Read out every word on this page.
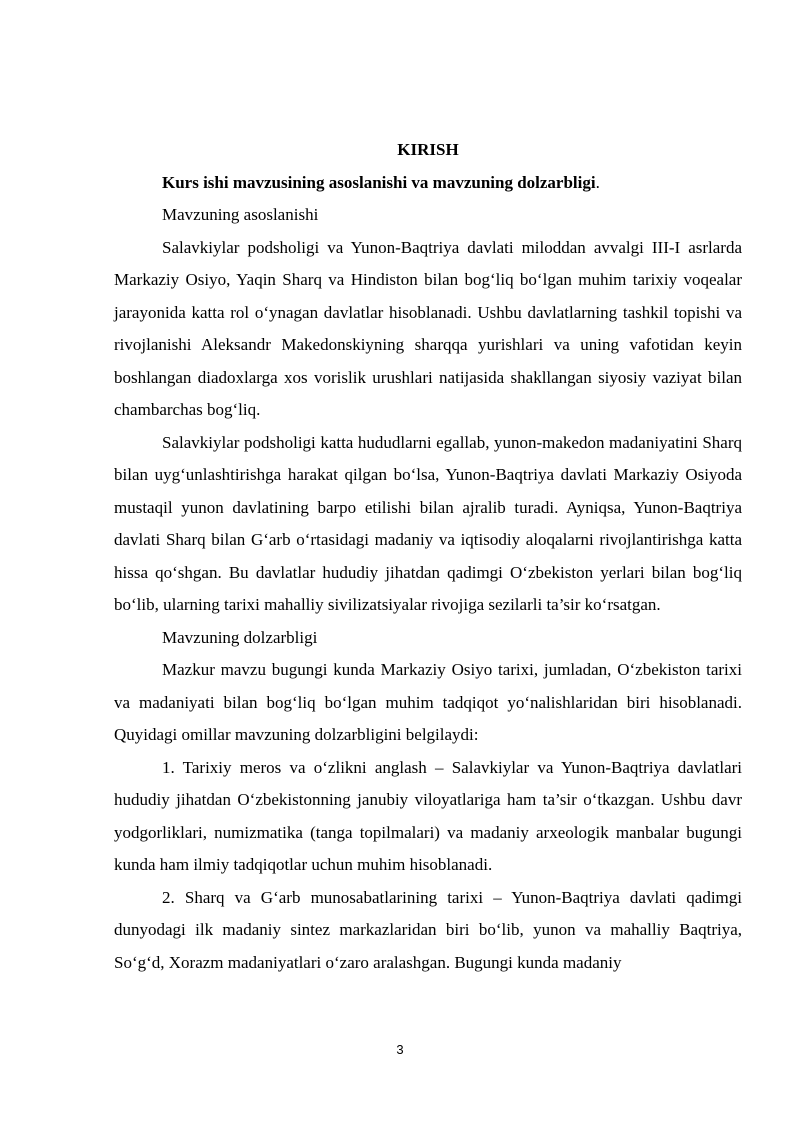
KIRISH
Kurs ishi mavzusining asoslanishi va mavzuning dolzarbligi.
Mavzuning asoslanishi
Salavkiylar podsholigi va Yunon-Baqtriya davlati miloddan avvalgi III-I asrlarda Markaziy Osiyo, Yaqin Sharq va Hindiston bilan bog‘liq bo‘lgan muhim tarixiy voqealar jarayonida katta rol o‘ynagan davlatlar hisoblanadi. Ushbu davlatlarning tashkil topishi va rivojlanishi Aleksandr Makedonskiyning sharqqa yurishlari va uning vafotidan keyin boshlangan diadoxlarga xos vorislik urushlari natijasida shakllangan siyosiy vaziyat bilan chambarchas bog‘liq.
Salavkiylar podsholigi katta hududlarni egallab, yunon-makedon madaniyatini Sharq bilan uyg‘unlashtirishga harakat qilgan bo‘lsa, Yunon-Baqtriya davlati Markaziy Osiyoda mustaqil yunon davlatining barpo etilishi bilan ajralib turadi. Ayniqsa, Yunon-Baqtriya davlati Sharq bilan G‘arb o‘rtasidagi madaniy va iqtisodiy aloqalarni rivojlantirishga katta hissa qo‘shgan. Bu davlatlar hududiy jihatdan qadimgi O‘zbekiston yerlari bilan bog‘liq bo‘lib, ularning tarixi mahalliy sivilizatsiyalar rivojiga sezilarli ta’sir ko‘rsatgan.
Mavzuning dolzarbligi
Mazkur mavzu bugungi kunda Markaziy Osiyo tarixi, jumladan, O‘zbekiston tarixi va madaniyati bilan bog‘liq bo‘lgan muhim tadqiqot yo‘nalishlaridan biri hisoblanadi. Quyidagi omillar mavzuning dolzarbligini belgilaydi:
1. Tarixiy meros va o‘zlikni anglash – Salavkiylar va Yunon-Baqtriya davlatlari hududiy jihatdan O‘zbekistonning janubiy viloyatlariga ham ta’sir o‘tkazgan. Ushbu davr yodgorliklari, numizmatika (tanga topilmalari) va madaniy arxeologik manbalar bugungi kunda ham ilmiy tadqiqotlar uchun muhim hisoblanadi.
2. Sharq va G‘arb munosabatlarining tarixi – Yunon-Baqtriya davlati qadimgi dunyodagi ilk madaniy sintez markazlaridan biri bo‘lib, yunon va mahalliy Baqtriya, So‘g‘d, Xorazm madaniyatlari o‘zaro aralashgan. Bugungi kunda madaniy
3
